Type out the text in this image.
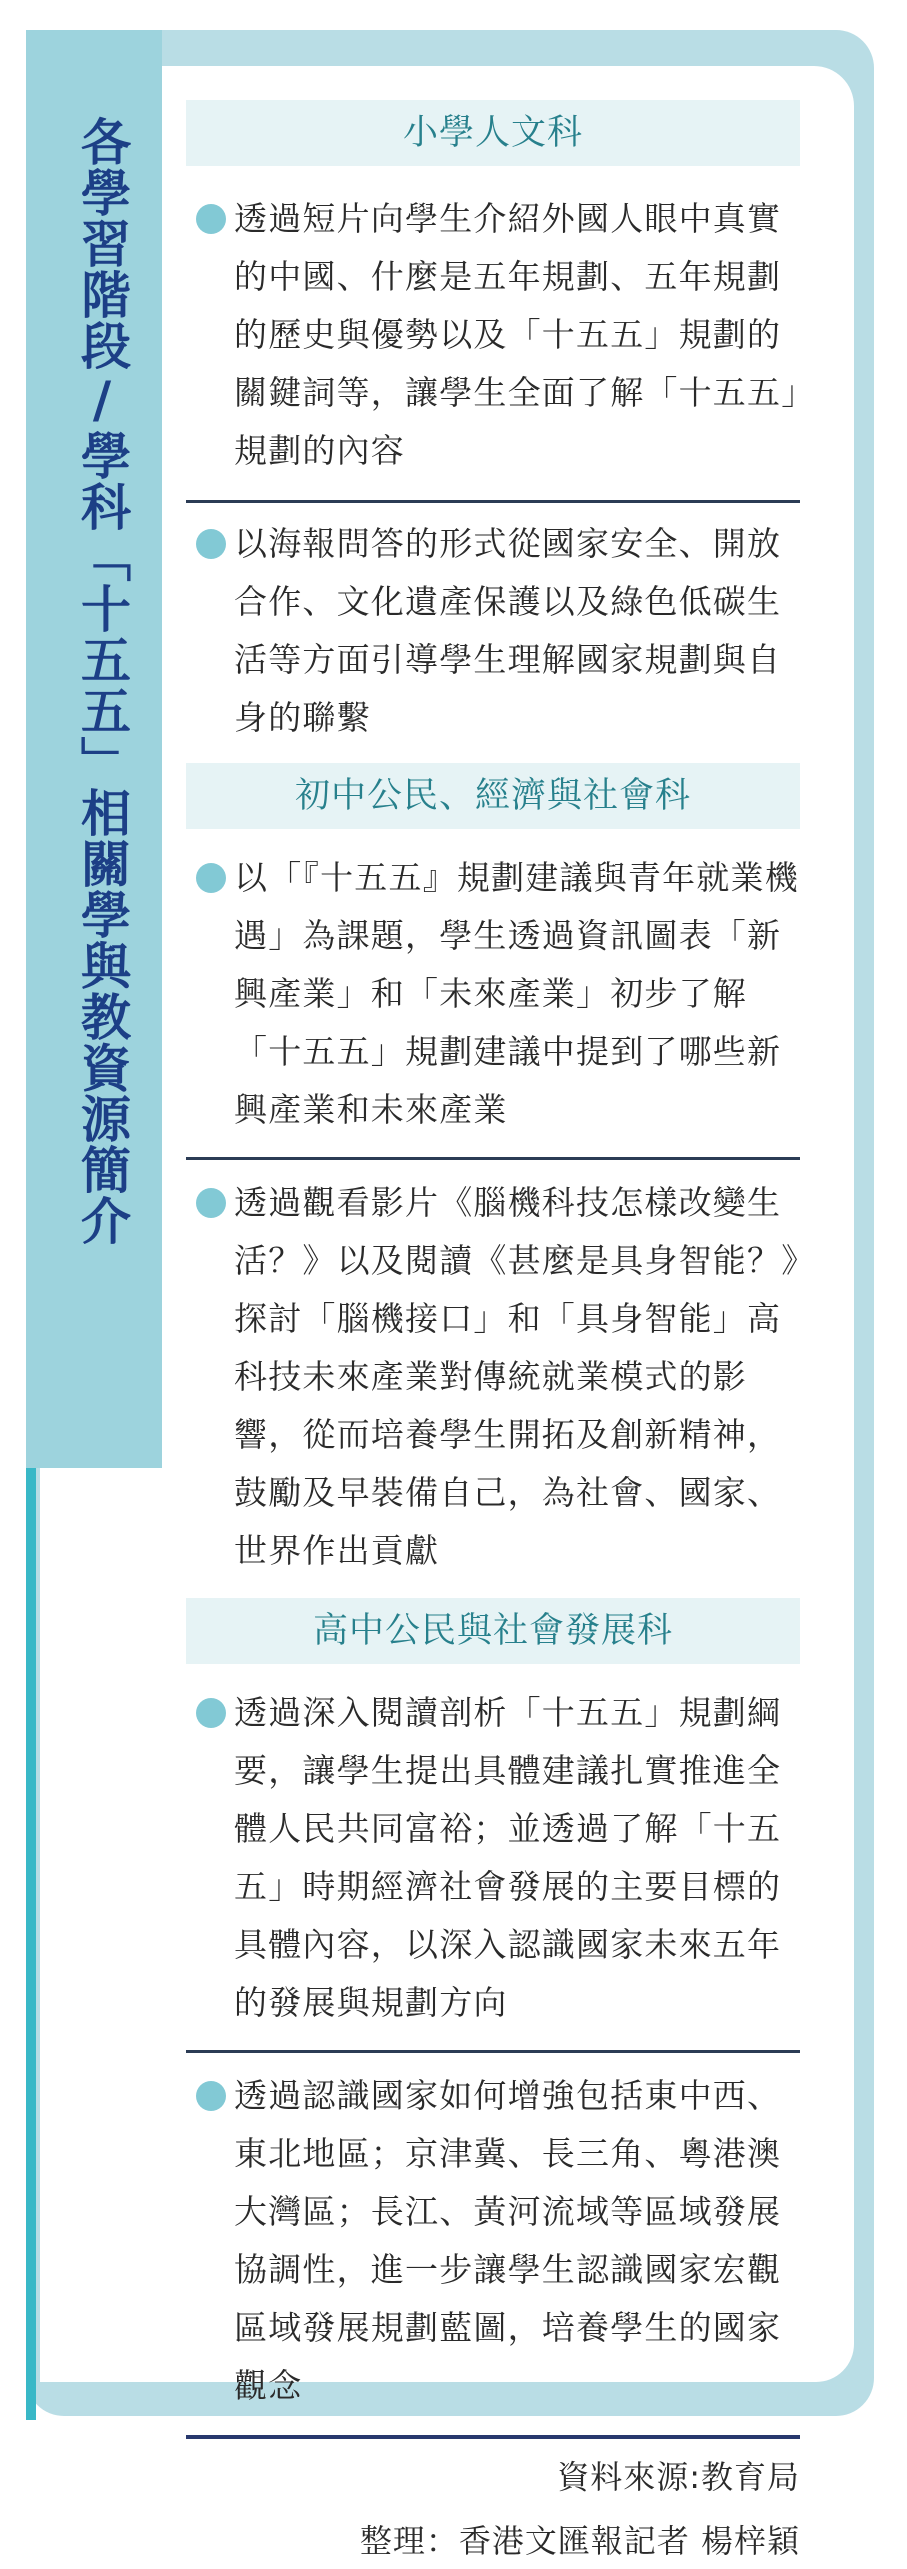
各學習階段/學科「十五五」相關學與教資源簡介	小學人文科
透過短片向學生介紹外國人眼中真實的中國、什麼是五年規劃、五年規劃的歷史與優勢以及「十五五」規劃的關鍵詞等，讓學生全面了解「十五五」規劃的內容
以海報問答的形式從國家安全、開放合作、文化遺產保護以及綠色低碳生活等方面引導學生理解國家規劃與自身的聯繫
初中公民、經濟與社會科
以「『十五五』規劃建議與青年就業機遇」為課題，學生透過資訊圖表「新興產業」和「未來產業」初步了解「十五五」規劃建議中提到了哪些新興產業和未來產業
透過觀看影片《腦機科技怎樣改變生活？》以及閱讀《甚麼是具身智能？》探討「腦機接口」和「具身智能」高科技未來產業對傳統就業模式的影響，從而培養學生開拓及創新精神，鼓勵及早裝備自己，為社會、國家、世界作出貢獻
高中公民與社會發展科
透過深入閱讀剖析「十五五」規劃綱要，讓學生提出具體建議扎實推進全體人民共同富裕；並透過了解「十五五」時期經濟社會發展的主要目標的具體內容，以深入認識國家未來五年的發展與規劃方向
透過認識國家如何增強包括東中西、東北地區；京津冀、長三角、粵港澳大灣區；長江、黃河流域等區域發展協調性，進一步讓學生認識國家宏觀區域發展規劃藍圖，培養學生的國家觀念
資料來源:教育局
整理：香港文匯報記者 楊梓穎
